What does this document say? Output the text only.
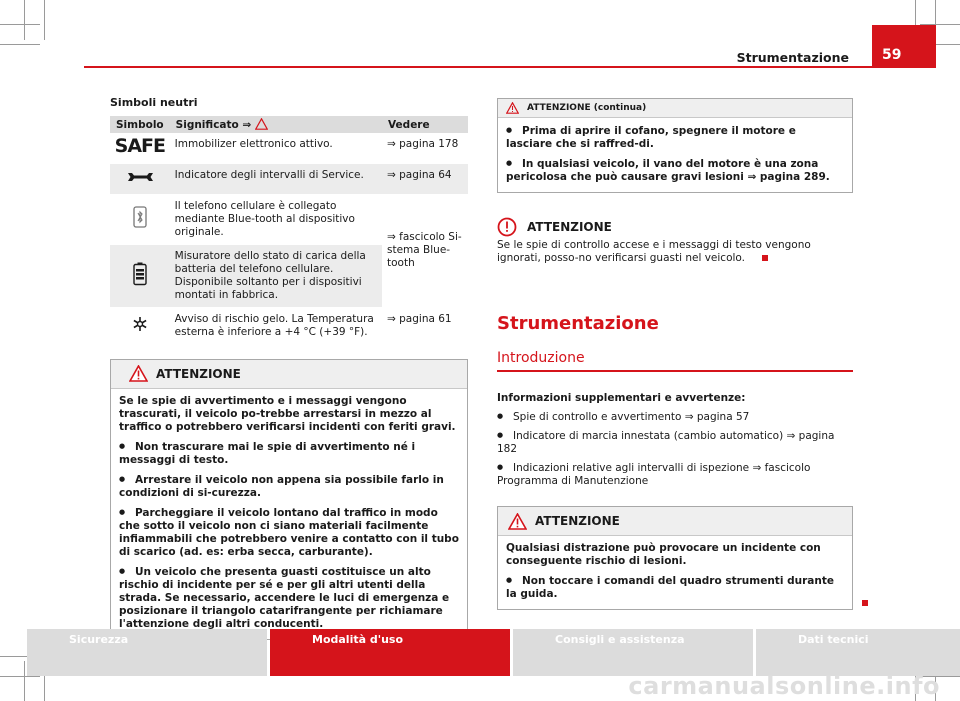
Strumentazione	59
Simboli neutri
Simbolo	Significato ⇒	Vedere
SAFE	Immobilizer elettronico attivo.	⇒ pagina 178
	Indicatore degli intervalli di Service.	⇒ pagina 64
	Il telefono cellulare è collegato mediante Blue-tooth al dispositivo originale.	⇒ fascicolo Si-stema Blue-tooth
	Misuratore dello stato di carica della batteria del telefono cellulare. Disponibile soltanto per i dispositivi montati in fabbrica.	
	Avviso di rischio gelo. La Temperatura esterna è inferiore a +4 °C (+39 °F).	⇒ pagina 61
ATTENZIONE

Se le spie di avvertimento e i messaggi vengono trascurati, il veicolo po-trebbe arrestarsi in mezzo al traffico o potrebbero verificarsi incidenti con feriti gravi.

● Non trascurare mai le spie di avvertimento né i messaggi di testo.

● Arrestare il veicolo non appena sia possibile farlo in condizioni di si-curezza.

● Parcheggiare il veicolo lontano dal traffico in modo che sotto il veicolo non ci siano materiali facilmente infiammabili che potrebbero venire a contatto con il tubo di scarico (ad. es: erba secca, carburante).

● Un veicolo che presenta guasti costituisce un alto rischio di incidente per sé e per gli altri utenti della strada. Se necessario, accendere le luci di emergenza e posizionare il triangolo catarifrangente per richiamare l'attenzione degli altri conducenti.

ATTENZIONE (continua)

● Prima di aprire il cofano, spegnere il motore e lasciare che si raffred-di.

● In qualsiasi veicolo, il vano del motore è una zona pericolosa che può causare gravi lesioni ⇒ pagina 289.

ATTENZIONE
Se le spie di controllo accese e i messaggi di testo vengono ignorati, posso-no verificarsi guasti nel veicolo.
Strumentazione
Introduzione
Informazioni supplementari e avvertenze:
● Spie di controllo e avvertimento ⇒ pagina 57
● Indicatore di marcia innestata (cambio automatico) ⇒ pagina 182
● Indicazioni relative agli intervalli di ispezione ⇒ fascicolo Programma di Manutenzione
ATTENZIONE

Qualsiasi distrazione può provocare un incidente con conseguente rischio di lesioni.

● Non toccare i comandi del quadro strumenti durante la guida.

Sicurezza	Modalità d'uso	Consigli e assistenza	Dati tecnici
carmanualsonline.info
